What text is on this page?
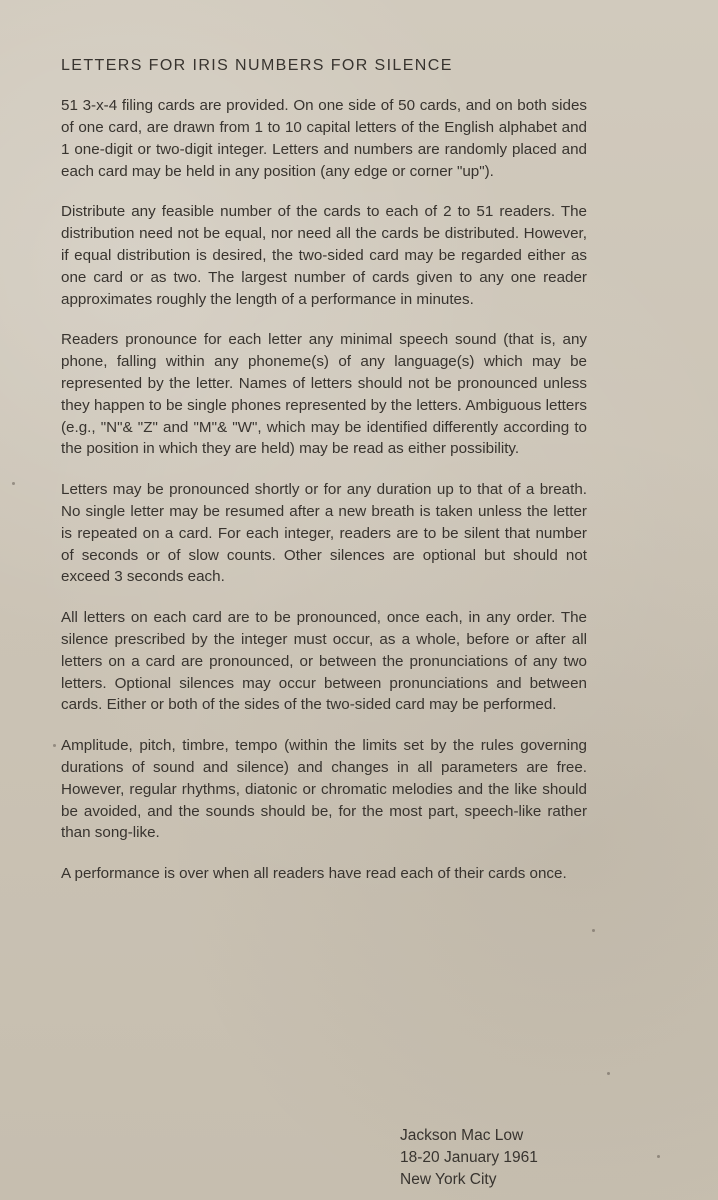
LETTERS FOR IRIS NUMBERS FOR SILENCE

51 3-x-4 filing cards are provided. On one side of 50 cards, and on both sides of one card, are drawn from 1 to 10 capital letters of the English alphabet and 1 one-digit or two-digit integer. Letters and numbers are randomly placed and each card may be held in any position (any edge or corner "up").

Distribute any feasible number of the cards to each of 2 to 51 readers. The distribution need not be equal, nor need all the cards be distributed. However, if equal distribution is desired, the two-sided card may be regarded either as one card or as two. The largest number of cards given to any one reader approximates roughly the length of a performance in minutes.

Readers pronounce for each letter any minimal speech sound (that is, any phone, falling within any phoneme(s) of any language(s) which may be represented by the letter. Names of letters should not be pronounced unless they happen to be single phones represented by the letters. Ambiguous letters (e.g., "N"& "Z" and "M"& "W", which may be identified differently according to the position in which they are held) may be read as either possibility.

Letters may be pronounced shortly or for any duration up to that of a breath. No single letter may be resumed after a new breath is taken unless the letter is repeated on a card. For each integer, readers are to be silent that number of seconds or of slow counts. Other silences are optional but should not exceed 3 seconds each.

All letters on each card are to be pronounced, once each, in any order. The silence prescribed by the integer must occur, as a whole, before or after all letters on a card are pronounced, or between the pronunciations of any two letters. Optional silences may occur between pronunciations and between cards. Either or both of the sides of the two-sided card may be performed.

Amplitude, pitch, timbre, tempo (within the limits set by the rules governing durations of sound and silence) and changes in all parameters are free. However, regular rhythms, diatonic or chromatic melodies and the like should be avoided, and the sounds should be, for the most part, speech-like rather than song-like.

A performance is over when all readers have read each of their cards once.

Jackson Mac Low
18-20 January 1961
New York City
